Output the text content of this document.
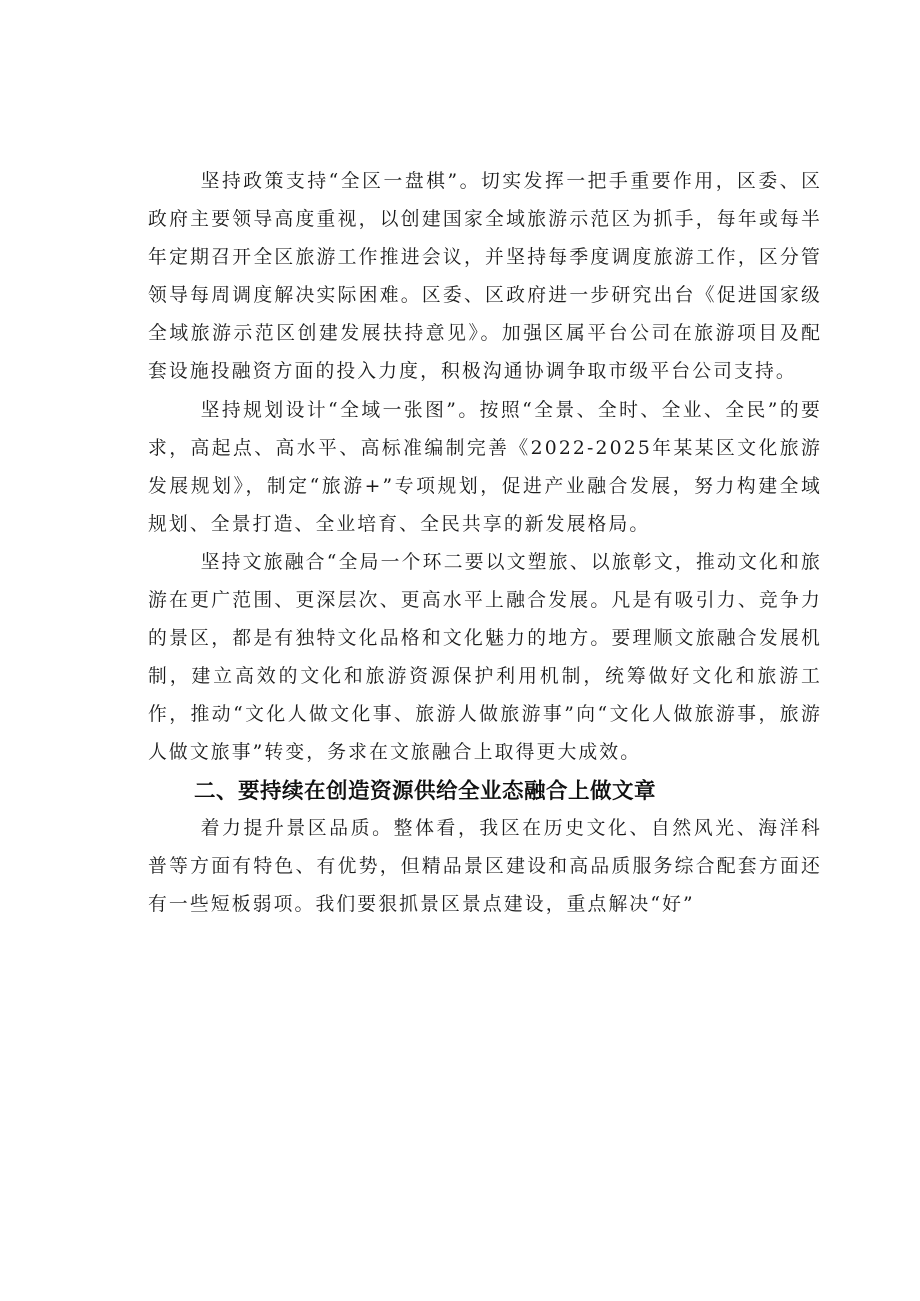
坚持政策支持“全区一盘棋”。切实发挥一把手重要作用，区委、区政府主要领导高度重视，以创建国家全域旅游示范区为抓手，每年或每半年定期召开全区旅游工作推进会议，并坚持每季度调度旅游工作，区分管领导每周调度解决实际困难。区委、区政府进一步研究出台《促进国家级全域旅游示范区创建发展扶持意见》。加强区属平台公司在旅游项目及配套设施投融资方面的投入力度，积极沟通协调争取市级平台公司支持。

坚持规划设计“全域一张图”。按照“全景、全时、全业、全民”的要求，高起点、高水平、高标准编制完善《2022-2025年某某区文化旅游发展规划》，制定“旅游+”专项规划，促进产业融合发展，努力构建全域规划、全景打造、全业培育、全民共享的新发展格局。

坚持文旅融合“全局一个环二要以文塑旅、以旅彰文，推动文化和旅游在更广范围、更深层次、更高水平上融合发展。凡是有吸引力、竞争力的景区，都是有独特文化品格和文化魅力的地方。要理顺文旅融合发展机制，建立高效的文化和旅游资源保护利用机制，统筹做好文化和旅游工作，推动“文化人做文化事、旅游人做旅游事”向“文化人做旅游事，旅游人做文旅事”转变，务求在文旅融合上取得更大成效。

二、要持续在创造资源供给全业态融合上做文章

着力提升景区品质。整体看，我区在历史文化、自然风光、海洋科普等方面有特色、有优势，但精品景区建设和高品质服务综合配套方面还有一些短板弱项。我们要狠抓景区景点建设，重点解决“好”
